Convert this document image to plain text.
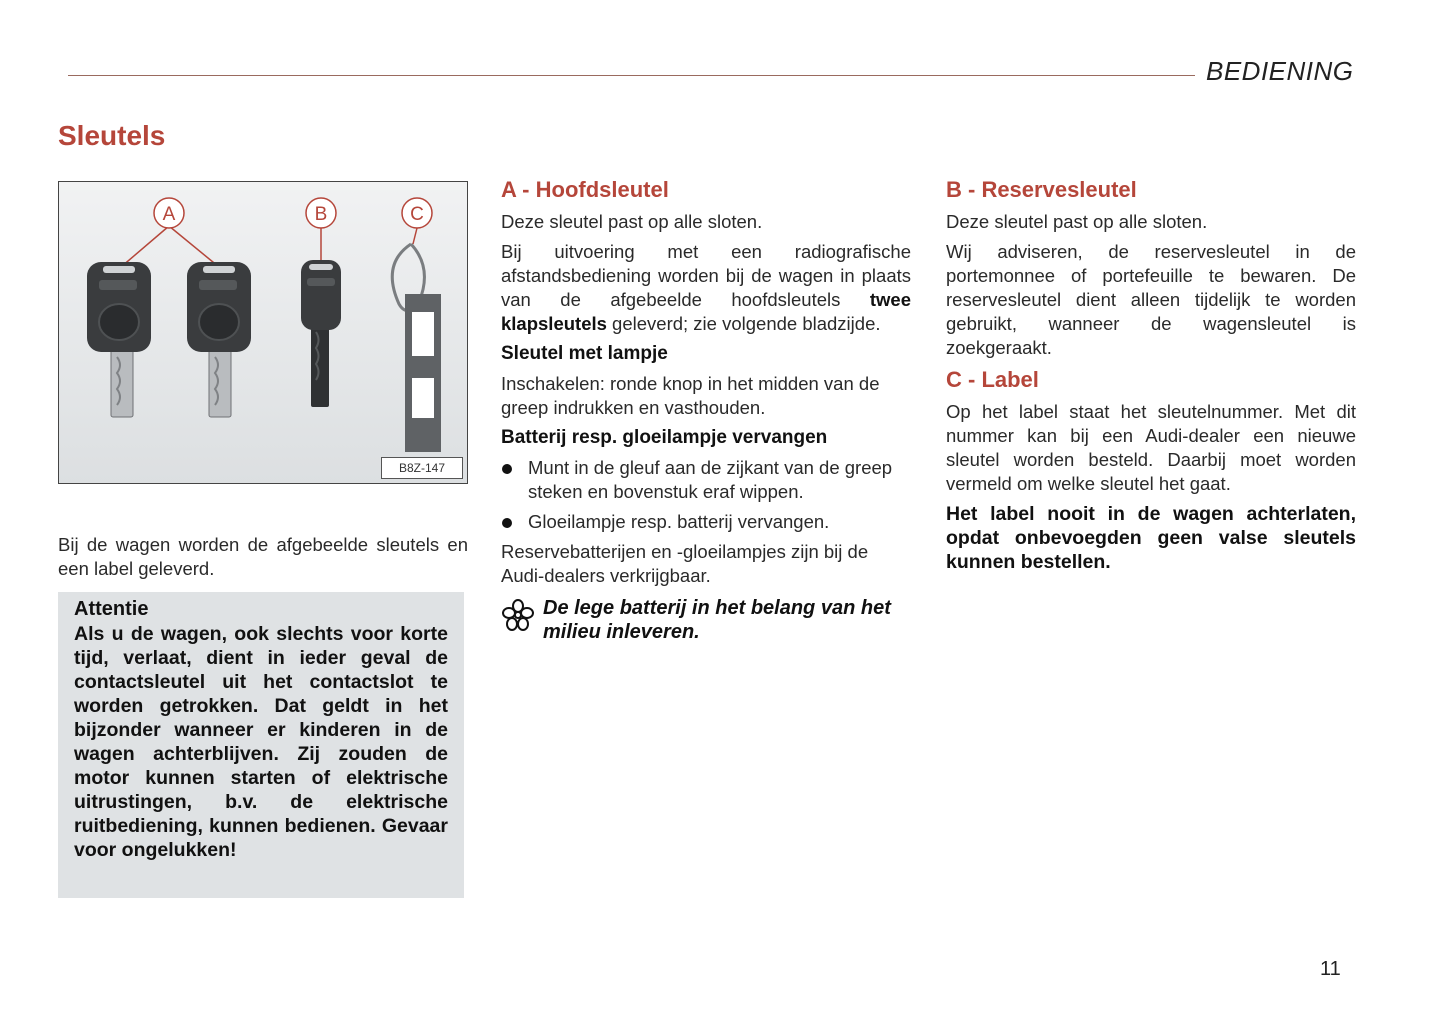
BEDIENING
Sleutels
A	B	C
B8Z-147

Bij de wagen worden de afgebeelde sleutels en een label geleverd.

Attentie
Als u de wagen, ook slechts voor korte tijd, verlaat, dient in ieder geval de contactsleutel uit het contactslot te worden getrokken. Dat geldt in het bijzonder wanneer er kinderen in de wagen achterblijven. Zij zouden de motor kunnen starten of elektrische uitrustingen, b.v. de elektrische ruitbediening, kunnen bedienen. Gevaar voor ongelukken!
A - Hoofdsleutel

Deze sleutel past op alle sloten.

Bij uitvoering met een radiografische afstandsbediening worden bij de wagen in plaats van de afgebeelde hoofdsleutels twee klapsleutels geleverd; zie volgende bladzijde.

Sleutel met lampje

Inschakelen: ronde knop in het midden van de greep indrukken en vasthouden.

Batterij resp. gloeilampje vervangen

Munt in de gleuf aan de zijkant van de greep steken en bovenstuk eraf wippen.

Gloeilampje resp. batterij vervangen.

Reservebatterijen en -gloeilampjes zijn bij de Audi-dealers verkrijgbaar.

De lege batterij in het belang van het milieu inleveren.
B - Reservesleutel

Deze sleutel past op alle sloten.

Wij adviseren, de reservesleutel in de portemonnee of portefeuille te bewaren. De reservesleutel dient alleen tijdelijk te worden gebruikt, wanneer de wagensleutel is zoekgeraakt.

C - Label

Op het label staat het sleutelnummer. Met dit nummer kan bij een Audi-dealer een nieuwe sleutel worden besteld. Daarbij moet worden vermeld om welke sleutel het gaat.

Het label nooit in de wagen achterlaten, opdat onbevoegden geen valse sleutels kunnen bestellen.

11
